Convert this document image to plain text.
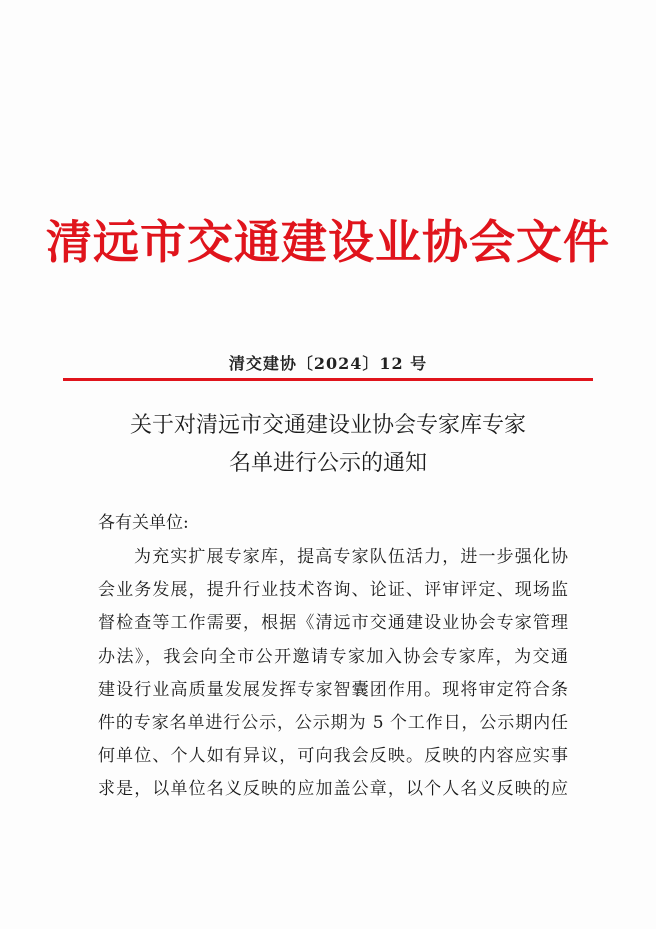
清远市交通建设业协会文件
清交建协〔2024〕12 号
关于对清远市交通建设业协会专家库专家
名单进行公示的通知
各有关单位:
为充实扩展专家库，提高专家队伍活力，进一步强化协
会业务发展，提升行业技术咨询、论证、评审评定、现场监
督检查等工作需要，根据《清远市交通建设业协会专家管理
办法》，我会向全市公开邀请专家加入协会专家库，为交通
建设行业高质量发展发挥专家智囊团作用。现将审定符合条
件的专家名单进行公示，公示期为 5 个工作日，公示期内任
何单位、个人如有异议，可向我会反映。反映的内容应实事
求是，以单位名义反映的应加盖公章，以个人名义反映的应
